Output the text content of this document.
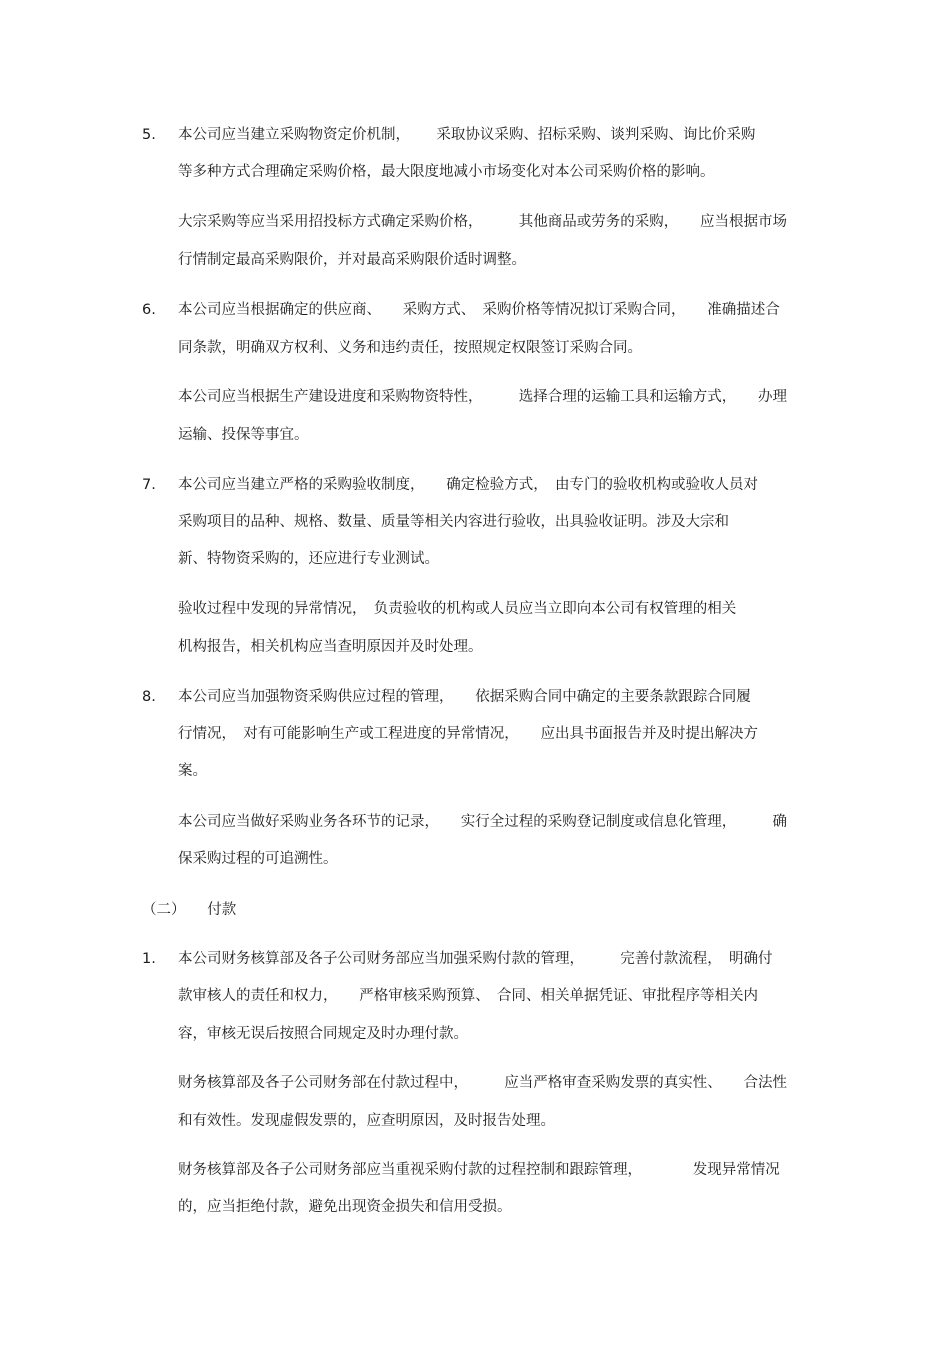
5. 本公司应当建立采购物资定价机制，　　 采取协议采购、招标采购、谈判采购、询比价采购
等多种方式合理确定采购价格，最大限度地减小市场变化对本公司采购价格的影响。
大宗采购等应当采用招投标方式确定采购价格，　　　其他商品或劳务的采购，　　应当根据市场
行情制定最高采购限价，并对最高采购限价适时调整。
6. 本公司应当根据确定的供应商、　　采购方式、　采购价格等情况拟订采购合同，　　准确描述合
同条款，明确双方权利、义务和违约责任，按照规定权限签订采购合同。
本公司应当根据生产建设进度和采购物资特性，　　　选择合理的运输工具和运输方式，　　办理
运输、投保等事宜。
7. 本公司应当建立严格的采购验收制度，　　确定检验方式，　由专门的验收机构或验收人员对
采购项目的品种、规格、数量、质量等相关内容进行验收，出具验收证明。涉及大宗和
新、特物资采购的，还应进行专业测试。
验收过程中发现的异常情况，　负责验收的机构或人员应当立即向本公司有权管理的相关
机构报告，相关机构应当查明原因并及时处理。
8. 本公司应当加强物资采购供应过程的管理，　　依据采购合同中确定的主要条款跟踪合同履
行情况，　对有可能影响生产或工程进度的异常情况，　　应出具书面报告并及时提出解决方
案。
本公司应当做好采购业务各环节的记录，　　实行全过程的采购登记制度或信息化管理，　　　确
保采购过程的可追溯性。
（二）　　付款
1. 本公司财务核算部及各子公司财务部应当加强采购付款的管理，　　　完善付款流程，　明确付
款审核人的责任和权力，　　严格审核采购预算、　合同、相关单据凭证、审批程序等相关内
容，审核无误后按照合同规定及时办理付款。
财务核算部及各子公司财务部在付款过程中，　　　应当严格审查采购发票的真实性、　　合法性
和有效性。发现虚假发票的，应查明原因，及时报告处理。
财务核算部及各子公司财务部应当重视采购付款的过程控制和跟踪管理，　　　　发现异常情况
的，应当拒绝付款，避免出现资金损失和信用受损。
